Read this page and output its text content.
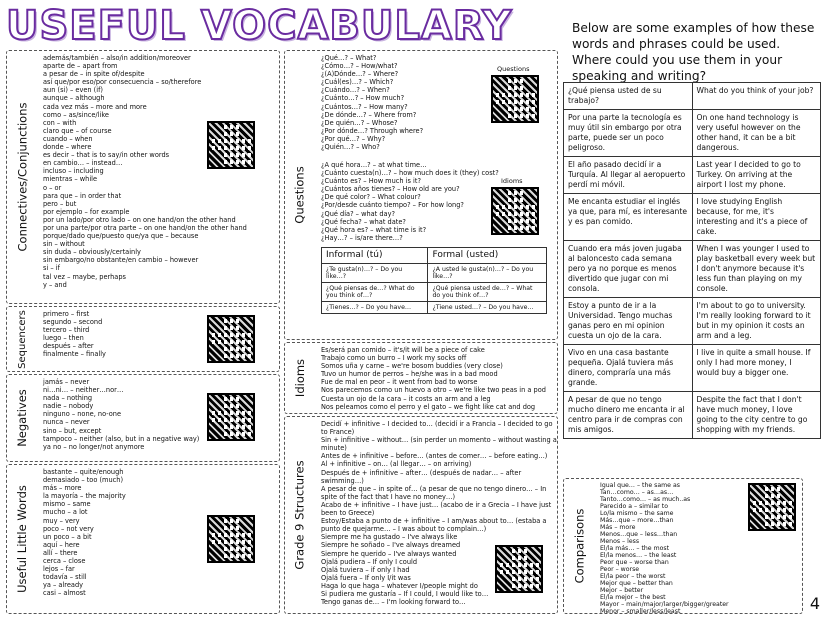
USEFUL VOCABULARY	Below are some examples of how these words and phrases could be used. Where could you use them in your speaking and writing?
Connectives/Conjunctions
además/también – also/in addition/moreover
aparte de – apart from
a pesar de – in spite of/despite
así que/por eso/por consecuencia – so/therefore
aun (si) – even (if)
aunque – although
cada vez más – more and more
como – as/since/like
con – with
claro que – of course
cuando – when
donde – where
es decir – that is to say/in other words
en cambio… – instead…
incluso – including
mientras – while
o – or
para que – in order that
pero – but
por ejemplo – for example
por un lado/por otro lado – on one hand/on the other hand
por una parte/por otra parte – on one hand/on the other hand
porque/dado que/puesto que/ya que – because
sin – without
sin duda – obviously/certainly
sin embargo/no obstante/en cambio – however
si – if
tal vez – maybe, perhaps
y – and
Sequencers primero – first
segundo – second
tercero – third
luego – then
después – after
finalmente – finally
Negatives
jamás – never
ni…ni… – neither…nor…
nada – nothing
nadie – nobody
ninguno – none, no-one
nunca – never
sino – but, except
tampoco – neither (also, but in a negative way)
ya no – no longer/not anymore
Useful Little Words
bastante – quite/enough
demasiado – too (much)
más – more
la mayoría – the majority
mismo – same
mucho – a lot
muy – very
poco – not very
un poco – a bit
aquí – here
allí – there
cerca – close
lejos – far
todavía – still
ya – already
casi – almost
Questions
¿Qué…? – What?
¿Cómo…? – How/what?
¿(A)Dónde…? – Where?
¿Cuál(es)…? – Which?
¿Cuándo…? – When?
¿Cuánto…? – How much?
¿Cuántos…? – How many?
¿De dónde…? – Where from?
¿De quién…? – Whose?
¿Por dónde…? Through where?
¿Por qué…? – Why?
¿Quién…? – Who?
¿A qué hora…? – at what time…
¿Cuánto cuesta(n)…? – how much does it (they) cost?
¿Cuánto es? – How much is it?
¿Cuántos años tienes? – How old are you?
¿De qué color? – What colour?
¿Por/desde cuánto tiempo? – For how long?
¿Qué día? – what day?
¿Qué fecha? – what date?
¿Qué hora es? – what time is it?
¿Hay…? – is/are there…?
Questions
Idioms
Informal (tú)	Formal (usted)
¿Te gusta(n)…? – Do you like…?	¿A usted le gusta(n)…? – Do you like…?
¿Qué piensas de…? What do you think of…?	¿Qué piensa usted de…? – What do you think of…?
¿Tienes…? – Do you have…	¿Tiene usted…? – Do you have…
Idioms
Es/será pan comido – it's/it will be a piece of cake
Trabajo como un burro – I work my socks off
Somos uña y carne – we're bosom buddies (very close)
Tuvo un humor de perros – he/she was in a bad mood
Fue de mal en peor – it went from bad to worse
Nos parecemos como un huevo a otro – we're like two peas in a pod
Cuesta un ojo de la cara – it costs an arm and a leg
Nos peleamos como el perro y el gato – we fight like cat and dog
Grade 9 Structures
Decidí + infinitive – I decided to… (decidí ir a Francia – I decided to go
to France)
Sin + infinitive – without… (sin perder un momento – without wasting a
minute)
Antes de + infinitive – before… (antes de comer… – before eating…)
Al + infinitive – on… (al llegar… – on arriving)
Después de + infinitive – after… (después de nadar… – after
swimming…)
A pesar de que – in spite of… (a pesar de que no tengo dinero… – In
spite of the fact that I have no money…)
Acabo de + infinitive – I have just… (acabo de ir a Grecia – I have just
been to Greece)
Estoy/Estaba a punto de + infinitive – I am/was about to… (estaba a
punto de quejarme… – I was about to complain…)
Siempre me ha gustado – I've always like
Siempre he soñado – I've always dreamed
Siempre he querido – I've always wanted
Ojalá pudiera – If only I could
Ojalá tuviera – if only I had
Ojalá fuera – If only I/it was
Haga lo que haga – whatever I/people might do
Si pudiera me gustaría – If I could, I would like to…
Tengo ganas de… – I'm looking forward to…
¿Qué piensa usted de su trabajo?	What do you think of your job?
Por una parte la tecnología es muy útil sin embargo por otra parte, puede ser un poco peligroso.	On one hand technology is very useful however on the other hand, it can be a bit dangerous.
El año pasado decidí ir a Turquía. Al llegar al aeropuerto perdí mi móvil.	Last year I decided to go to Turkey. On arriving at the airport I lost my phone.
Me encanta estudiar el inglés ya que, para mí, es interesante y es pan comido.	I love studying English because, for me, it's interesting and it's a piece of cake.
Cuando era más joven jugaba al baloncesto cada semana pero ya no porque es menos divertido que jugar con mi consola.	When I was younger I used to play basketball every week but I don't anymore because it's less fun than playing on my console.
Estoy a punto de ir a la Universidad. Tengo muchas ganas pero en mi opinion cuesta un ojo de la cara.	I'm about to go to university. I'm really looking forward to it but in my opinion it costs an arm and a leg.
Vivo en una casa bastante pequeña. Ojalá tuviera más dinero, compraría una más grande.	I live in quite a small house. If only I had more money, I would buy a bigger one.
A pesar de que no tengo mucho dinero me encanta ir al centro para ir de compras con mis amigos.	Despite the fact that I don't have much money, I love going to the city centre to go shopping with my friends.
Comparisons
Igual que… – the same as
Tan…como… – as…as…
Tanto…como… – as much..as
Parecido a – similar to
Lo/la mismo – the same
Más…que – more…than
Más – more
Menos…que – less…than
Menos – less
El/la más… – the most
El/la menos… – the least
Peor que – worse than
Peor – worse
El/la peor – the worst
Mejor que – better than
Mejor – better
El/la mejor – the best
Mayor – main/major/larger/bigger/greater
Menor – smaller/less/least	4
